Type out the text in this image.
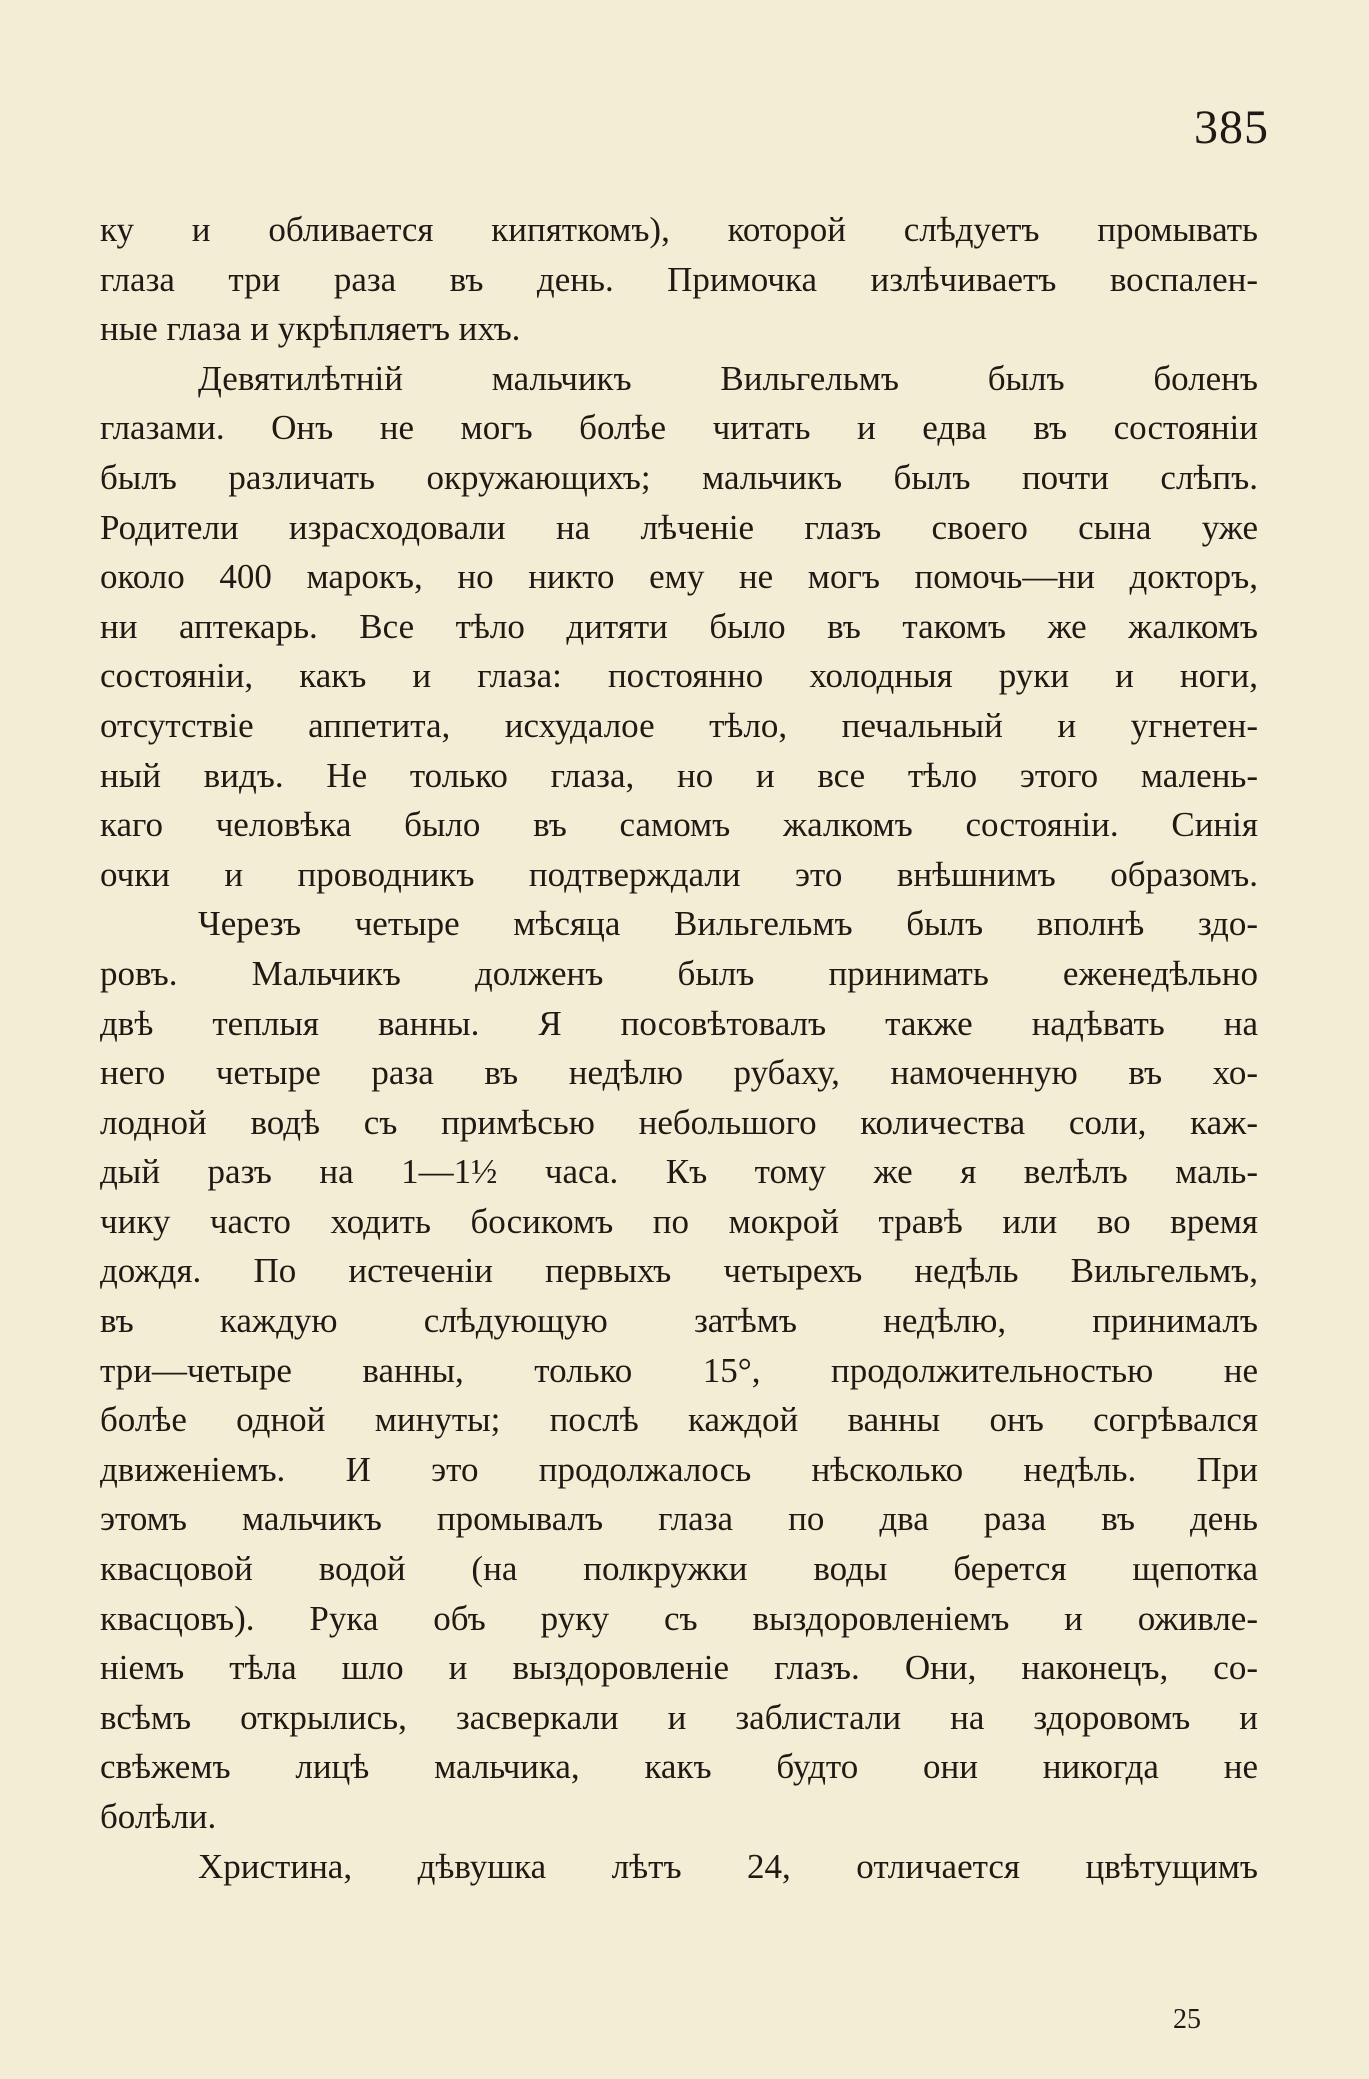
385
ку и обливается кипяткомъ), которой слѣдуетъ промывать
глаза три раза въ день. Примочка излѣчиваетъ воспален-
ные глаза и укрѣпляетъ ихъ.
Девятилѣтній мальчикъ Вильгельмъ былъ боленъ
глазами. Онъ не могъ болѣе читать и едва въ состояніи
былъ различать окружающихъ; мальчикъ былъ почти слѣпъ.
Родители израсходовали на лѣченіе глазъ своего сына уже
около 400 марокъ, но никто ему не могъ помочь—ни докторъ,
ни аптекарь. Все тѣло дитяти было въ такомъ же жалкомъ
состояніи, какъ и глаза: постоянно холодныя руки и ноги,
отсутствіе аппетита, исхудалое тѣло, печальный и угнетен-
ный видъ. Не только глаза, но и все тѣло этого малень-
каго человѣка было въ самомъ жалкомъ состояніи. Синія
очки и проводникъ подтверждали это внѣшнимъ образомъ.
Черезъ четыре мѣсяца Вильгельмъ былъ вполнѣ здо-
ровъ. Мальчикъ долженъ былъ принимать еженедѣльно
двѣ теплыя ванны. Я посовѣтовалъ также надѣвать на
него четыре раза въ недѣлю рубаху, намоченную въ хо-
лодной водѣ съ примѣсью небольшого количества соли, каж-
дый разъ на 1—1½ часа. Къ тому же я велѣлъ маль-
чику часто ходить босикомъ по мокрой травѣ или во время
дождя. По истеченіи первыхъ четырехъ недѣль Вильгельмъ,
въ каждую слѣдующую затѣмъ недѣлю, принималъ
три—четыре ванны, только 15°, продолжительностью не
болѣе одной минуты; послѣ каждой ванны онъ согрѣвался
движеніемъ. И это продолжалось нѣсколько недѣль. При
этомъ мальчикъ промывалъ глаза по два раза въ день
квасцовой водой (на полкружки воды берется щепотка
квасцовъ). Рука объ руку съ выздоровленіемъ и оживле-
ніемъ тѣла шло и выздоровленіе глазъ. Они, наконецъ, со-
всѣмъ открылись, засверкали и заблистали на здоровомъ и
свѣжемъ лицѣ мальчика, какъ будто они никогда не
болѣли.
Христина, дѣвушка лѣтъ 24, отличается цвѣтущимъ
25
